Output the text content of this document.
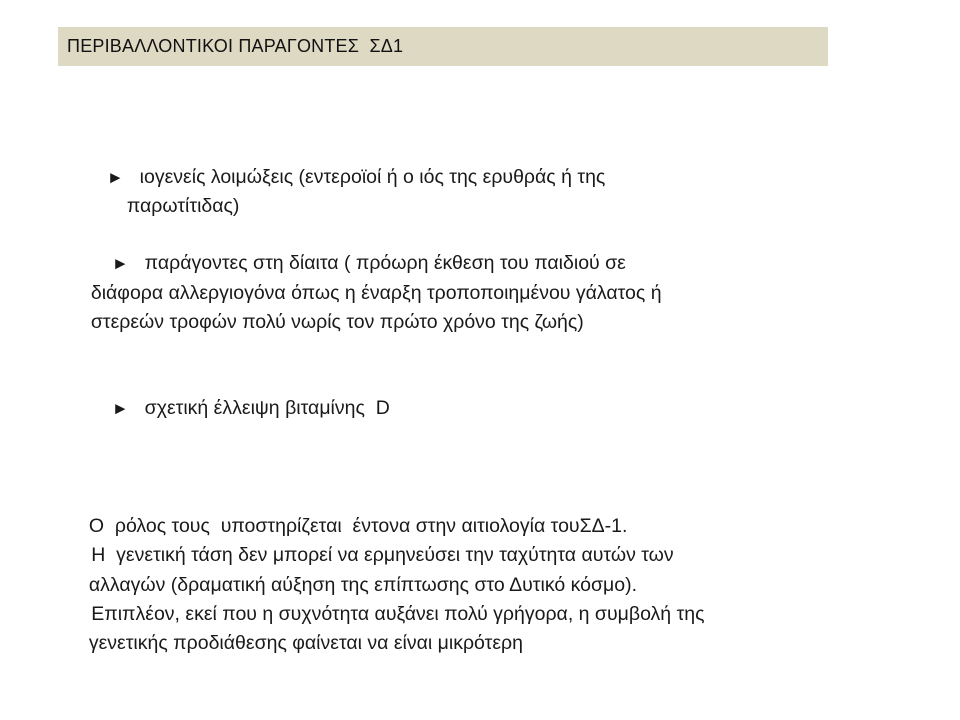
ΠΕΡΙΒΑΛΛΟΝΤΙΚΟΙ ΠΑΡΑΓΟΝΤΕΣ  ΣΔ1

► ιογενείς λοιμώξεις (εντεροϊοί ή ο ιός της ερυθράς ή της

παρωτίτιδας)

► παράγοντες στη δίαιτα ( πρόωρη έκθεση του παιδιού σε

διάφορα αλλεργιογόνα όπως η έναρξη τροποποιημένου γάλατος ή

στερεών τροφών πολύ νωρίς τον πρώτο χρόνο της ζωής)

► σχετική έλλειψη βιταμίνης  D

Ο  ρόλος τους  υποστηρίζεται  έντονα στην αιτιολογία τουΣΔ-1.

Η  γενετική τάση δεν μπορεί να ερμηνεύσει την ταχύτητα αυτών των

αλλαγών (δραματική αύξηση της επίπτωσης στο Δυτικό κόσμο).

Επιπλέον, εκεί που η συχνότητα αυξάνει πολύ γρήγορα, η συμβολή της

γενετικής προδιάθεσης φαίνεται να είναι μικρότερη
